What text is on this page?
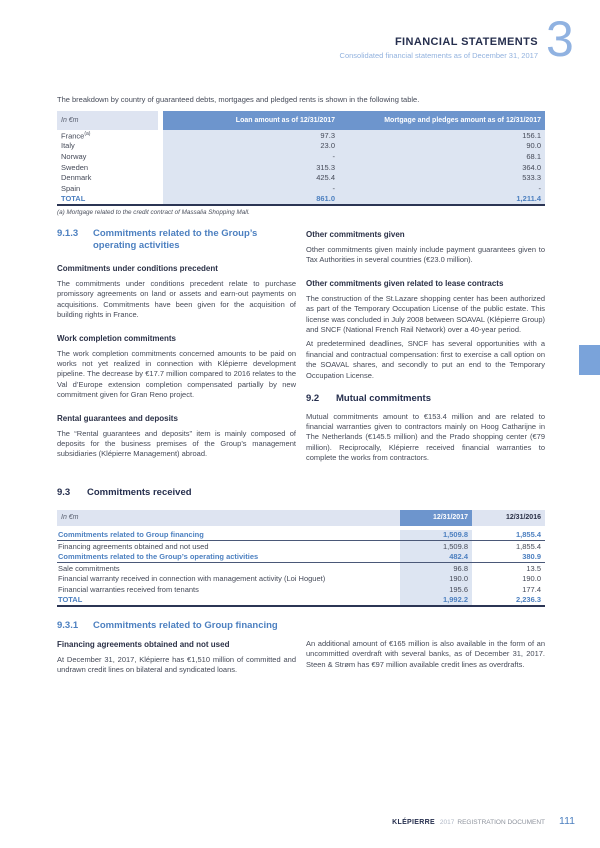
FINANCIAL STATEMENTS
Consolidated financial statements as of December 31, 2017 3
The breakdown by country of guaranteed debts, mortgages and pledged rents is shown in the following table.
In €m	Loan amount as of 12/31/2017	Mortgage and pledges amount as of 12/31/2017
France$^{(a)}$	97.3	156.1
Italy	23.0	90.0
Norway	-	68.1
Sweden	315.3	364.0
Denmark	425.4	533.3
Spain	-	-
TOTAL	861.0	1,211.4
(a) Mortgage related to the credit contract of Massalia Shopping Mall.
9.1.3	Commitments related to the Group’s operating activities
Commitments under conditions precedent

The commitments under conditions precedent relate to purchase promissory agreements on land or assets and earn-out payments on acquisitions. Commitments have been given for the acquisition of building rights in France.

Work completion commitments

The work completion commitments concerned amounts to be paid on works not yet realized in connection with Klépierre development pipeline. The decrease by €17.7 million compared to 2016 relates to the Val d’Europe extension completion compensated partially by new commitment given for Gran Reno project.

Rental guarantees and deposits

The “Rental guarantees and deposits” item is mainly composed of deposits for the business premises of the Group’s management subsidiaries (Klépierre Management) abroad.

Other commitments given

Other commitments given mainly include payment guarantees given to Tax Authorities in several countries (€23.0 million).

Other commitments given related to lease contracts

The construction of the St.Lazare shopping center has been authorized as part of the Temporary Occupation License of the public estate. This license was concluded in July 2008 between SOAVAL (Klépierre Group) and SNCF (National French Rail Network) over a 40-year period.

At predetermined deadlines, SNCF has several opportunities with a financial and contractual compensation: first to exercise a call option on the SOAVAL shares, and secondly to put an end to the Temporary Occupation License.

9.2	Mutual commitments

Mutual commitments amount to €153.4 million and are related to financial warranties given to contractors mainly on Hoog Catharijne in The Netherlands (€145.5 million) and the Prado shopping center (€79 million). Reciprocally, Klépierre received financial warranties to complete the works from contractors.

9.3	Commitments received
In €m	12/31/2017	12/31/2016
Commitments related to Group financing	1,509.8	1,855.4
Financing agreements obtained and not used	1,509.8	1,855.4
Commitments related to the Group’s operating activities	482.4	380.9
Sale commitments	96.8	13.5
Financial warranty received in connection with management activity (Loi Hoguet)	190.0	190.0
Financial warranties received from tenants	195.6	177.4
TOTAL	1,992.2	2,236.3
9.3.1	Commitments related to Group financing
Financing agreements obtained and not used

At December 31, 2017, Klépierre has €1,510 million of committed and undrawn credit lines on bilateral and syndicated loans.

An additional amount of €165 million is also available in the form of an uncommitted overdraft with several banks, as of December 31, 2017. Steen & Strøm has €97 million available credit lines as overdrafts.

KLÉPIERRE 2017 REGISTRATION DOCUMENT 111
